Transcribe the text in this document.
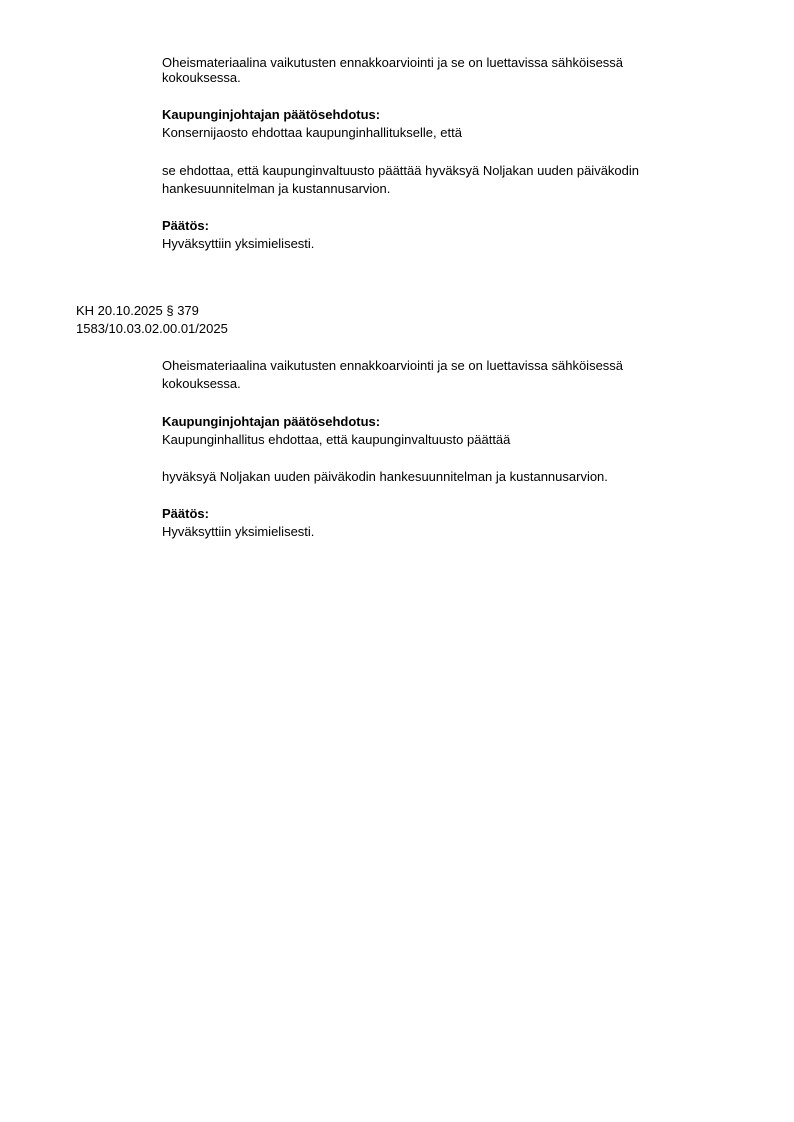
Oheismateriaalina vaikutusten ennakkoarviointi ja se on luettavissa sähköisessä
kokouksessa.
Kaupunginjohtajan päätösehdotus:
Konsernijaosto ehdottaa kaupunginhallitukselle, että
se ehdottaa, että kaupunginvaltuusto päättää hyväksyä Noljakan uuden päiväkodin
hankesuunnitelman ja kustannusarvion.
Päätös:
Hyväksyttiin yksimielisesti.
KH 20.10.2025 § 379
1583/10.03.02.00.01/2025
Oheismateriaalina vaikutusten ennakkoarviointi ja se on luettavissa sähköisessä
kokouksessa.
Kaupunginjohtajan päätösehdotus:
Kaupunginhallitus ehdottaa, että kaupunginvaltuusto päättää
hyväksyä Noljakan uuden päiväkodin hankesuunnitelman ja kustannusarvion.
Päätös:
Hyväksyttiin yksimielisesti.
